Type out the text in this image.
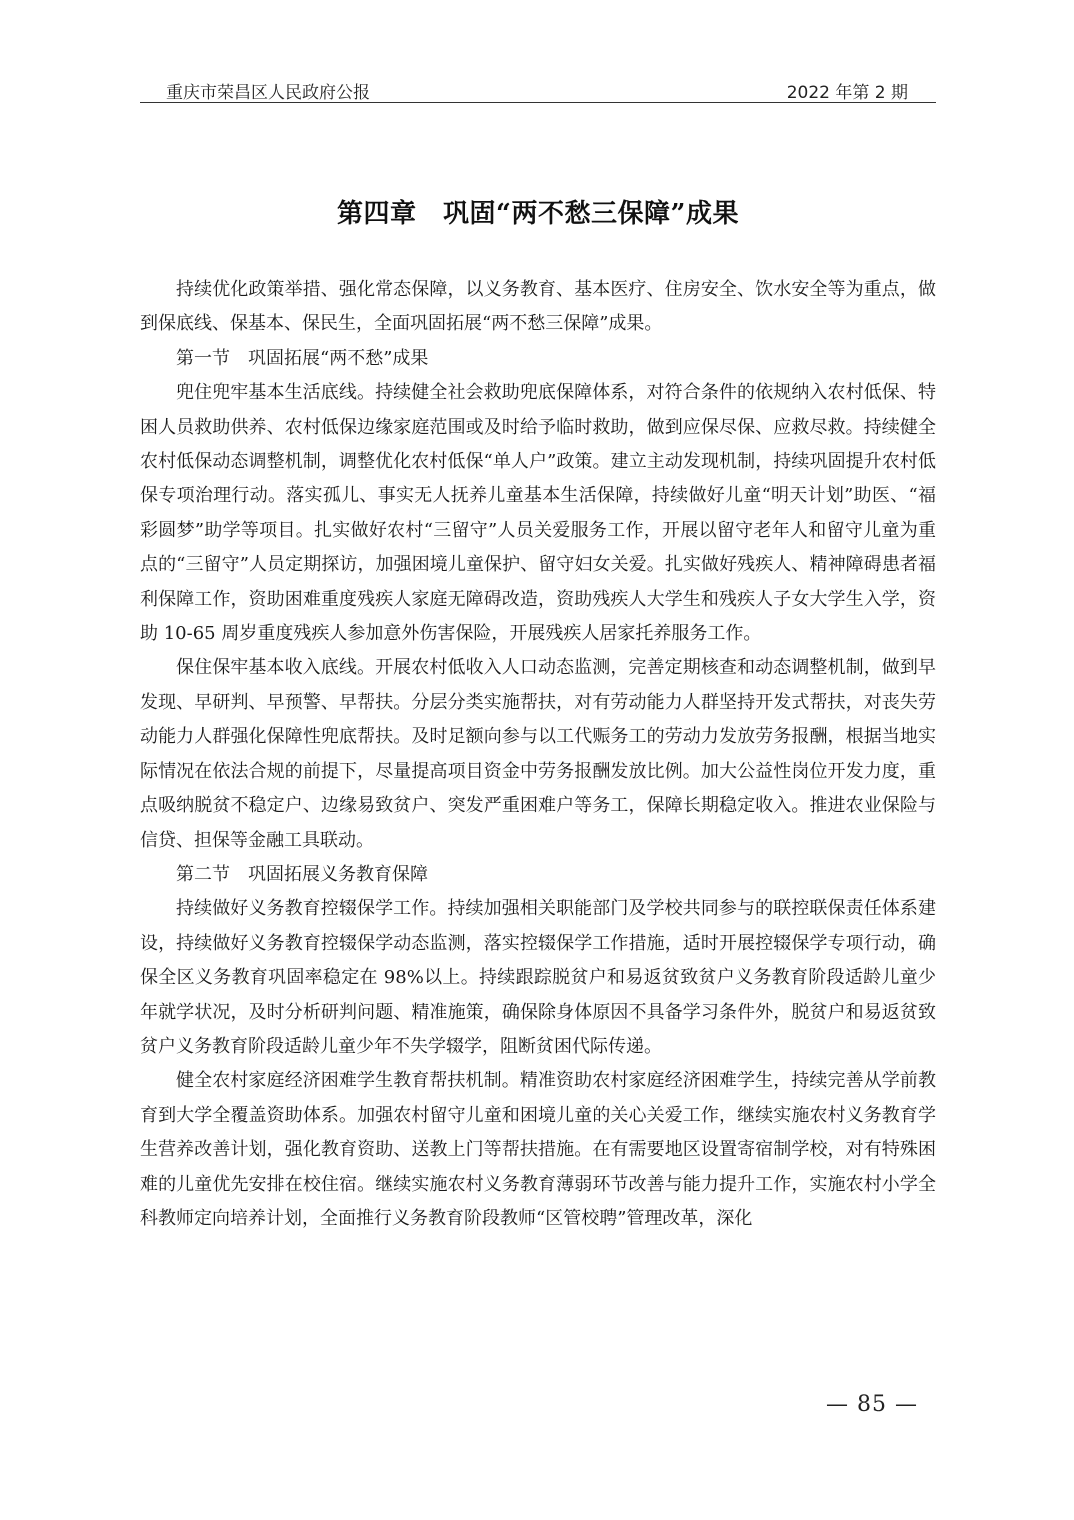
重庆市荣昌区人民政府公报	2022 年第 2 期
第四章　巩固“两不愁三保障”成果

持续优化政策举措、强化常态保障，以义务教育、基本医疗、住房安全、饮水安全等为重点，做到保底线、保基本、保民生，全面巩固拓展“两不愁三保障”成果。

第一节　巩固拓展“两不愁”成果

兜住兜牢基本生活底线。持续健全社会救助兜底保障体系，对符合条件的依规纳入农村低保、特困人员救助供养、农村低保边缘家庭范围或及时给予临时救助，做到应保尽保、应救尽救。持续健全农村低保动态调整机制，调整优化农村低保“单人户”政策。建立主动发现机制，持续巩固提升农村低保专项治理行动。落实孤儿、事实无人抚养儿童基本生活保障，持续做好儿童“明天计划”助医、“福彩圆梦”助学等项目。扎实做好农村“三留守”人员关爱服务工作，开展以留守老年人和留守儿童为重点的“三留守”人员定期探访，加强困境儿童保护、留守妇女关爱。扎实做好残疾人、精神障碍患者福利保障工作，资助困难重度残疾人家庭无障碍改造，资助残疾人大学生和残疾人子女大学生入学，资助 10-65 周岁重度残疾人参加意外伤害保险，开展残疾人居家托养服务工作。

保住保牢基本收入底线。开展农村低收入人口动态监测，完善定期核查和动态调整机制，做到早发现、早研判、早预警、早帮扶。分层分类实施帮扶，对有劳动能力人群坚持开发式帮扶，对丧失劳动能力人群强化保障性兜底帮扶。及时足额向参与以工代赈务工的劳动力发放劳务报酬，根据当地实际情况在依法合规的前提下，尽量提高项目资金中劳务报酬发放比例。加大公益性岗位开发力度，重点吸纳脱贫不稳定户、边缘易致贫户、突发严重困难户等务工，保障长期稳定收入。推进农业保险与信贷、担保等金融工具联动。

第二节　巩固拓展义务教育保障

持续做好义务教育控辍保学工作。持续加强相关职能部门及学校共同参与的联控联保责任体系建设，持续做好义务教育控辍保学动态监测，落实控辍保学工作措施，适时开展控辍保学专项行动，确保全区义务教育巩固率稳定在 98%以上。持续跟踪脱贫户和易返贫致贫户义务教育阶段适龄儿童少年就学状况，及时分析研判问题、精准施策，确保除身体原因不具备学习条件外，脱贫户和易返贫致贫户义务教育阶段适龄儿童少年不失学辍学，阻断贫困代际传递。

健全农村家庭经济困难学生教育帮扶机制。精准资助农村家庭经济困难学生，持续完善从学前教育到大学全覆盖资助体系。加强农村留守儿童和困境儿童的关心关爱工作，继续实施农村义务教育学生营养改善计划，强化教育资助、送教上门等帮扶措施。在有需要地区设置寄宿制学校，对有特殊困难的儿童优先安排在校住宿。继续实施农村义务教育薄弱环节改善与能力提升工作，实施农村小学全科教师定向培养计划，全面推行义务教育阶段教师“区管校聘”管理改革，深化

— 85 —
